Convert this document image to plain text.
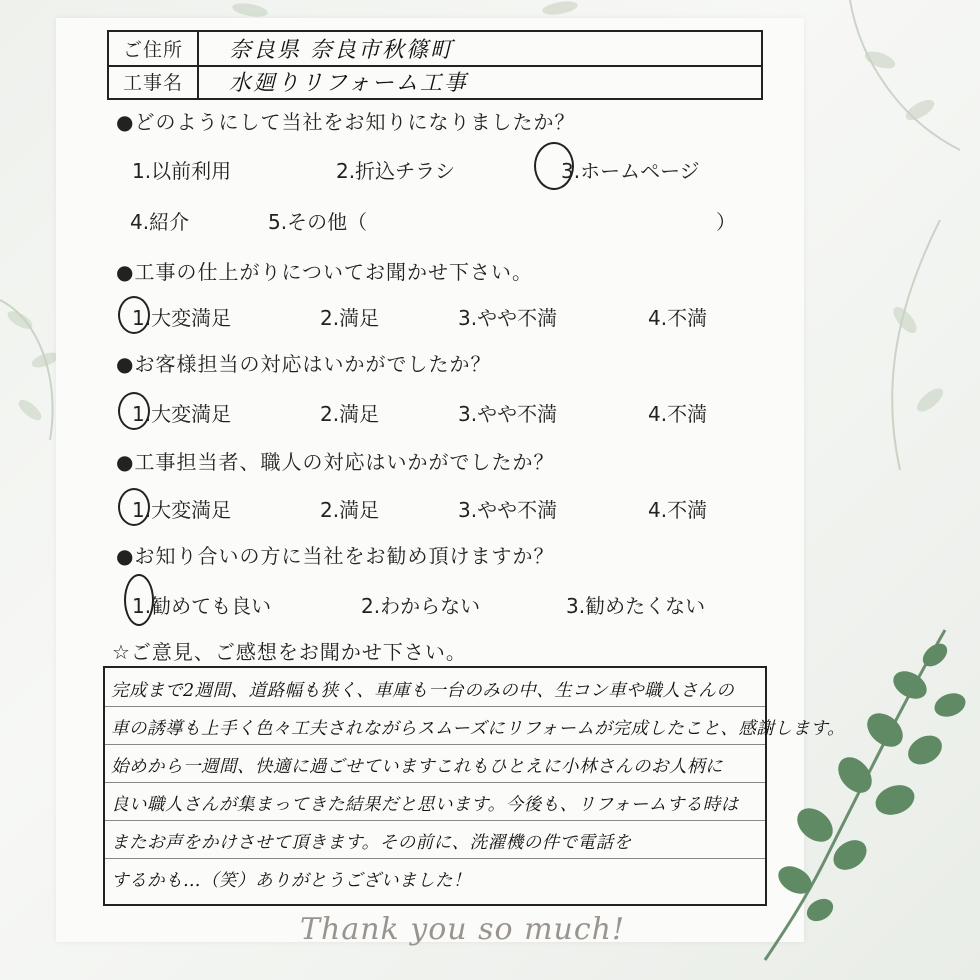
ご住所	奈良県 奈良市秋篠町
工事名	水廻りリフォーム工事
●どのようにして当社をお知りになりましたか？
1.以前利用	2.折込チラシ	3.ホームページ
4.紹介	5.その他（	）
●工事の仕上がりについてお聞かせ下さい。
1.大変満足	2.満足	3.やや不満	4.不満
●お客様担当の対応はいかがでしたか？
1.大変満足	2.満足	3.やや不満	4.不満
●工事担当者、職人の対応はいかがでしたか？
1.大変満足	2.満足	3.やや不満	4.不満
●お知り合いの方に当社をお勧め頂けますか？
1.勧めても良い	2.わからない	3.勧めたくない
☆ご意見、ご感想をお聞かせ下さい。
完成まで2週間、道路幅も狭く、車庫も一台のみの中、生コン車や職人さんの
車の誘導も上手く色々工夫されながらスムーズにリフォームが完成したこと、感謝します。
始めから一週間、快適に過ごせていますこれもひとえに小林さんのお人柄に
良い職人さんが集まってきた結果だと思います。今後も、リフォームする時は
またお声をかけさせて頂きます。その前に、洗濯機の件で電話を
するかも…（笑）ありがとうございました！
Thank you so much!
